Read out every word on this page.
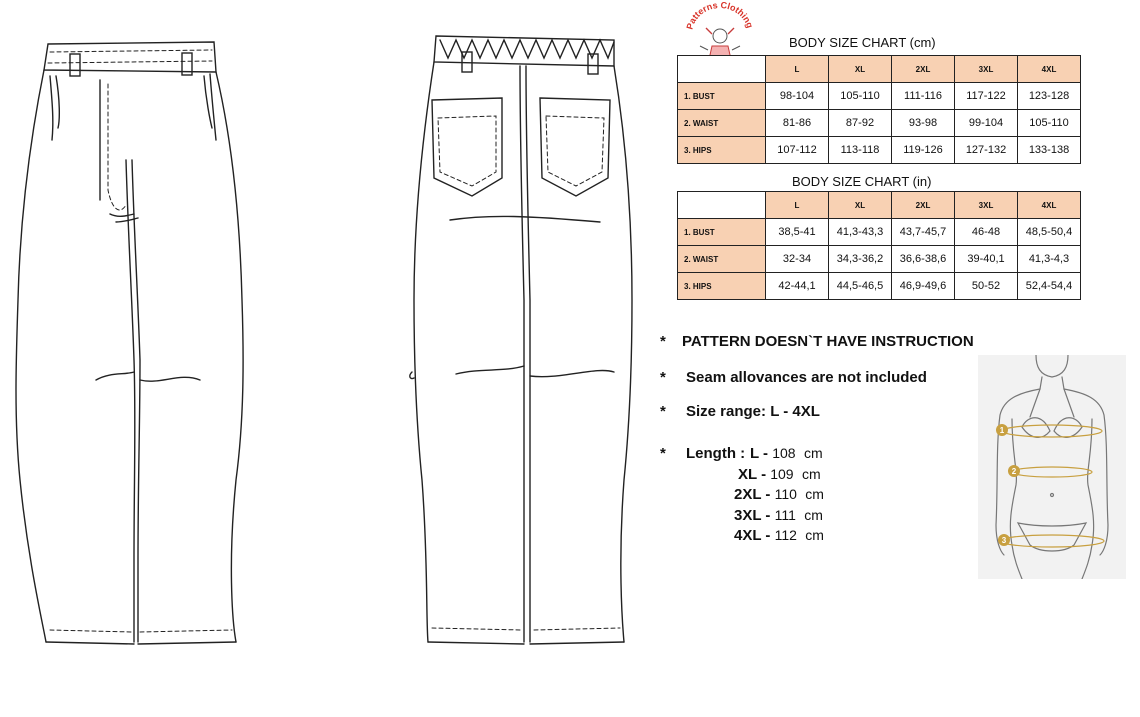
Patterns Clothing
BODY SIZE CHART (cm)
	L	XL	2XL	3XL	4XL
1. BUST	98-104	105-110	111-116	117-122	123-128
2. WAIST	81-86	87-92	93-98	99-104	105-110
3. HIPS	107-112	113-118	119-126	127-132	133-138
BODY SIZE CHART (in)
	L	XL	2XL	3XL	4XL
1. BUST	38,5-41	41,3-43,3	43,7-45,7	46-48	48,5-50,4
2. WAIST	32-34	34,3-36,2	36,6-38,6	39-40,1	41,3-4,3
3. HIPS	42-44,1	44,5-46,5	46,9-49,6	50-52	52,4-54,4
* PATTERN DOESN`T HAVE INSTRUCTION
* Seam allovances are not included
* Size range: L - 4XL
* Length : L - 108 cm
XL - 109 cm
2XL - 110 cm
3XL - 111 cm
4XL - 112 cm
1
2
3
